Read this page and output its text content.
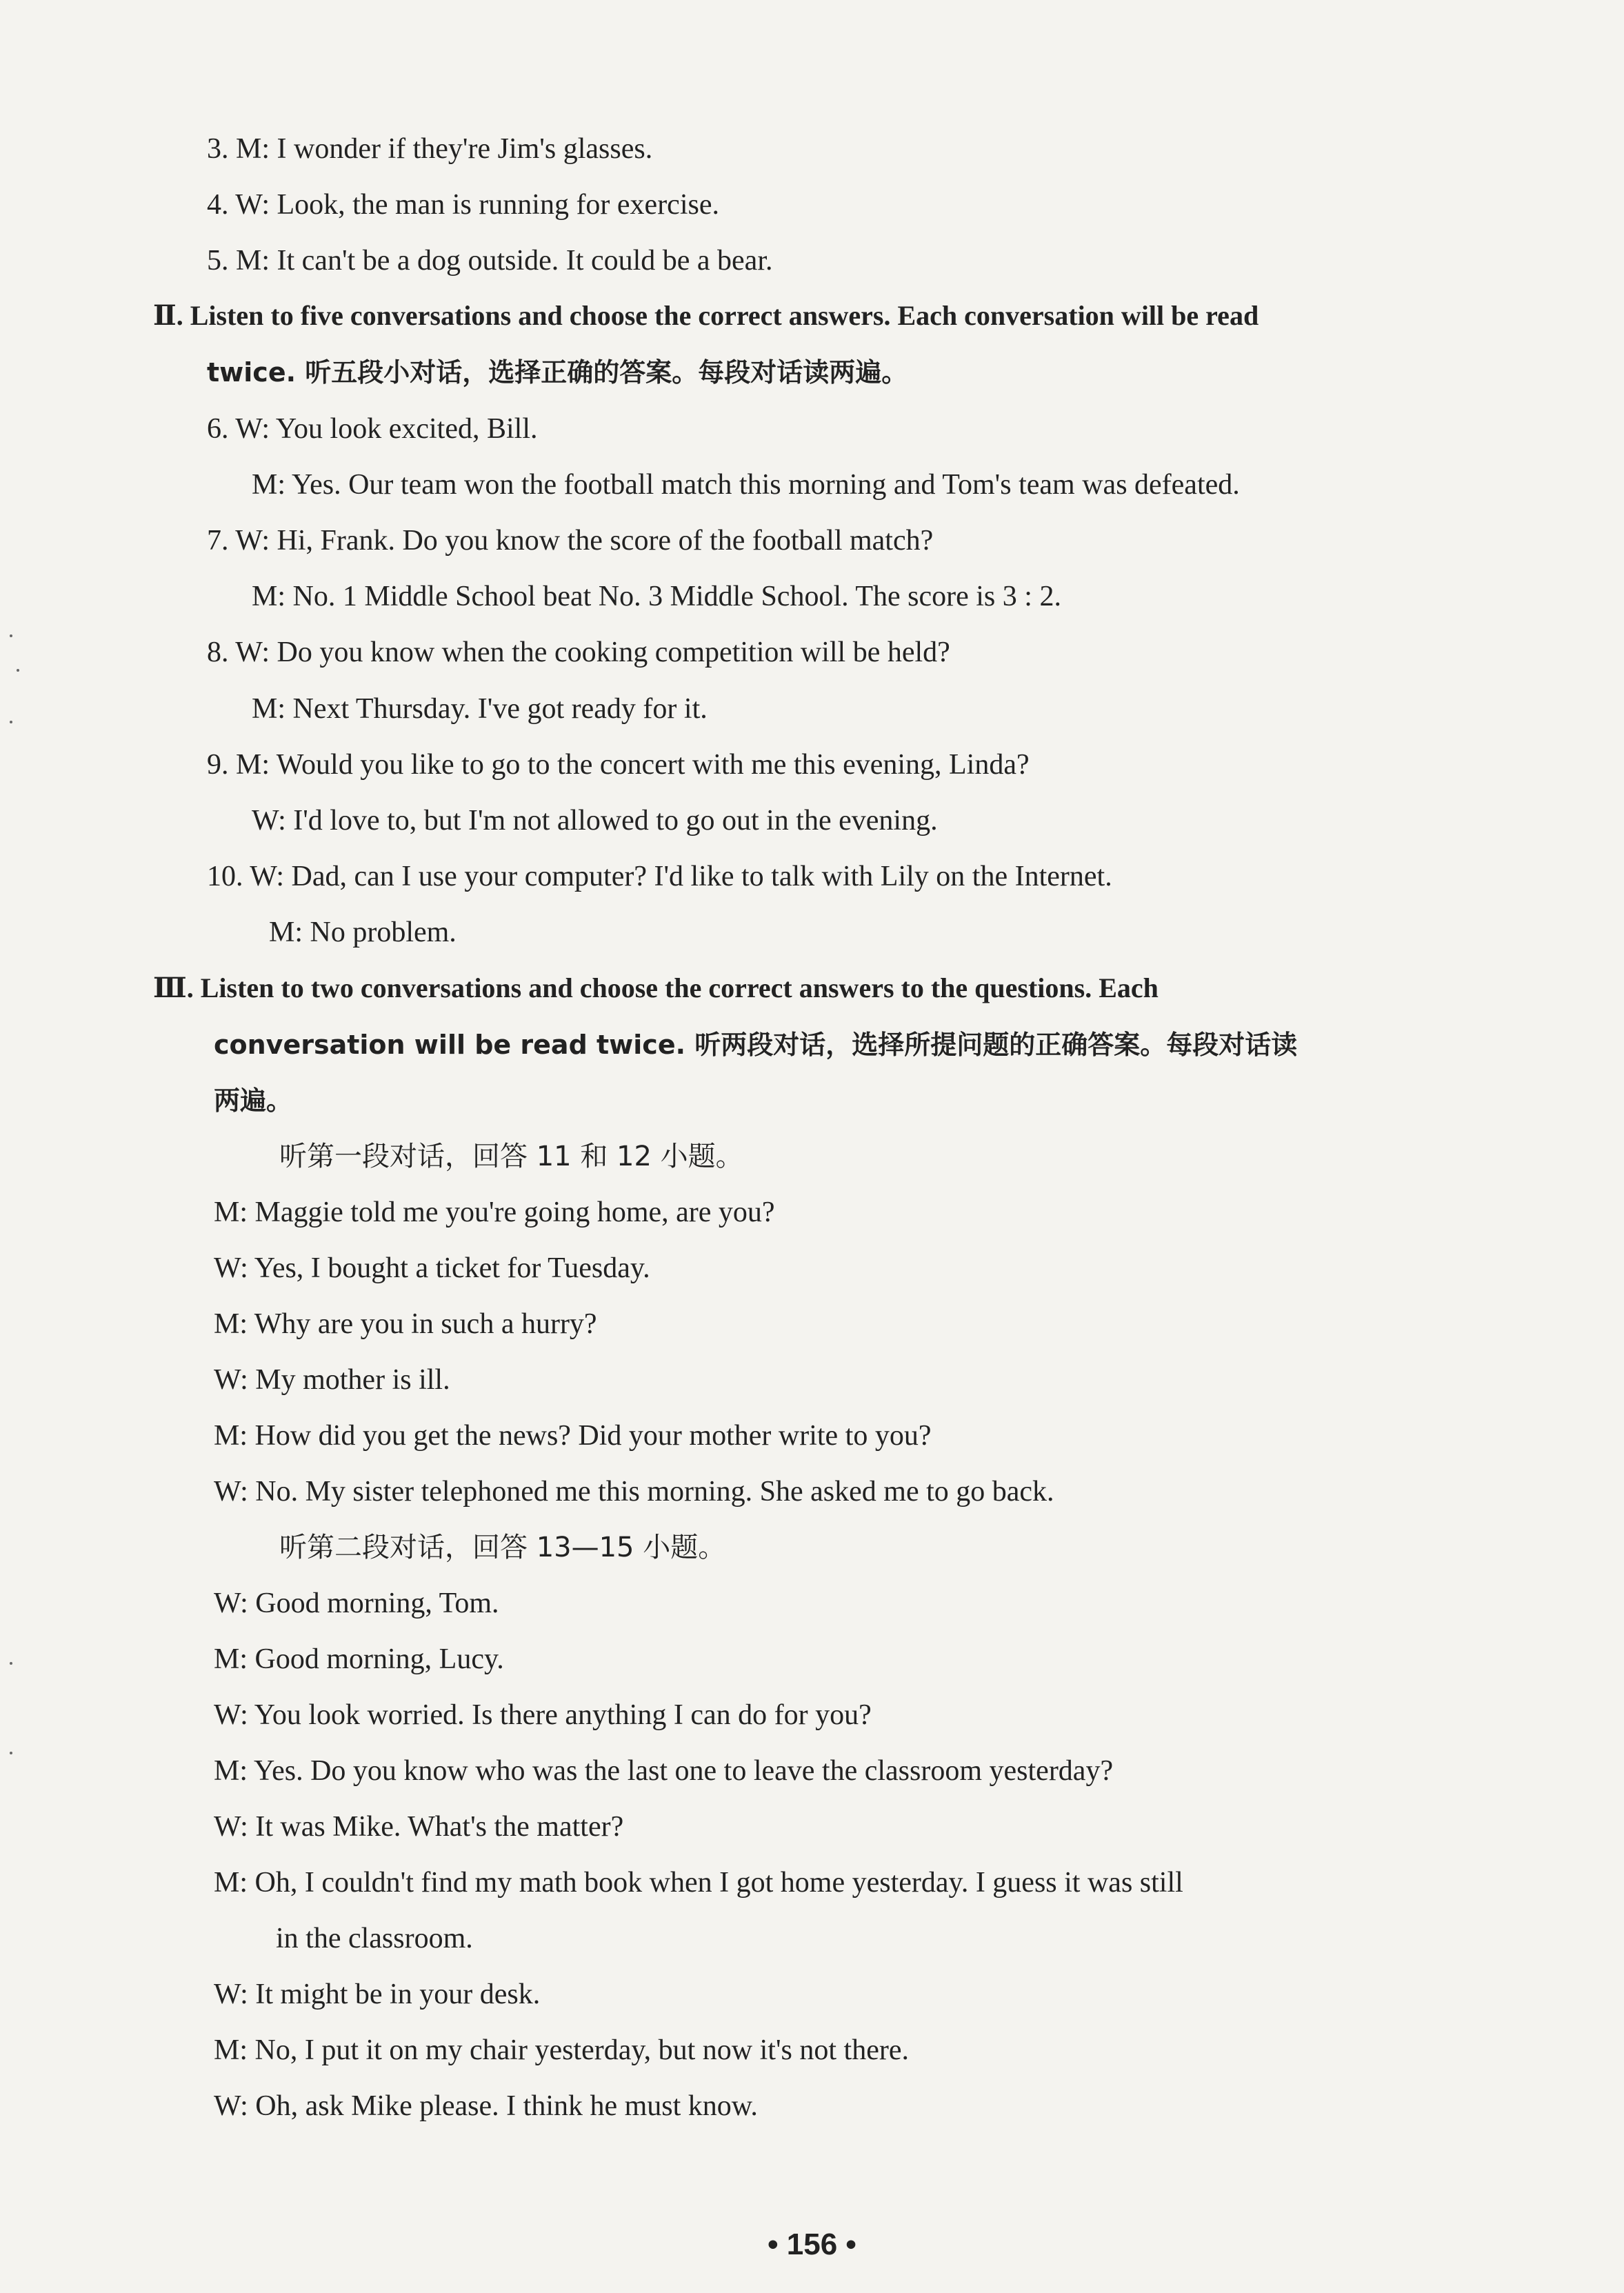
3. M: I wonder if they're Jim's glasses.
4. W: Look, the man is running for exercise.
5. M: It can't be a dog outside. It could be a bear.
Ⅱ. Listen to five conversations and choose the correct answers. Each conversation will be read
twice. 听五段小对话，选择正确的答案。每段对话读两遍。
6. W: You look excited, Bill.
M: Yes. Our team won the football match this morning and Tom's team was defeated.
7. W: Hi, Frank. Do you know the score of the football match?
M: No. 1 Middle School beat No. 3 Middle School. The score is 3 : 2.
8. W: Do you know when the cooking competition will be held?
M: Next Thursday. I've got ready for it.
9. M: Would you like to go to the concert with me this evening, Linda?
W: I'd love to, but I'm not allowed to go out in the evening.
10. W: Dad, can I use your computer? I'd like to talk with Lily on the Internet.
M: No problem.
Ⅲ. Listen to two conversations and choose the correct answers to the questions. Each
conversation will be read twice. 听两段对话，选择所提问题的正确答案。每段对话读
两遍。
听第一段对话，回答 11 和 12 小题。
M: Maggie told me you're going home, are you?
W: Yes, I bought a ticket for Tuesday.
M: Why are you in such a hurry?
W: My mother is ill.
M: How did you get the news? Did your mother write to you?
W: No. My sister telephoned me this morning. She asked me to go back.
听第二段对话，回答 13—15 小题。
W: Good morning, Tom.
M: Good morning, Lucy.
W: You look worried. Is there anything I can do for you?
M: Yes. Do you know who was the last one to leave the classroom yesterday?
W: It was Mike. What's the matter?
M: Oh, I couldn't find my math book when I got home yesterday. I guess it was still
in the classroom.
W: It might be in your desk.
M: No, I put it on my chair yesterday, but now it's not there.
W: Oh, ask Mike please. I think he must know.
• 156 •
